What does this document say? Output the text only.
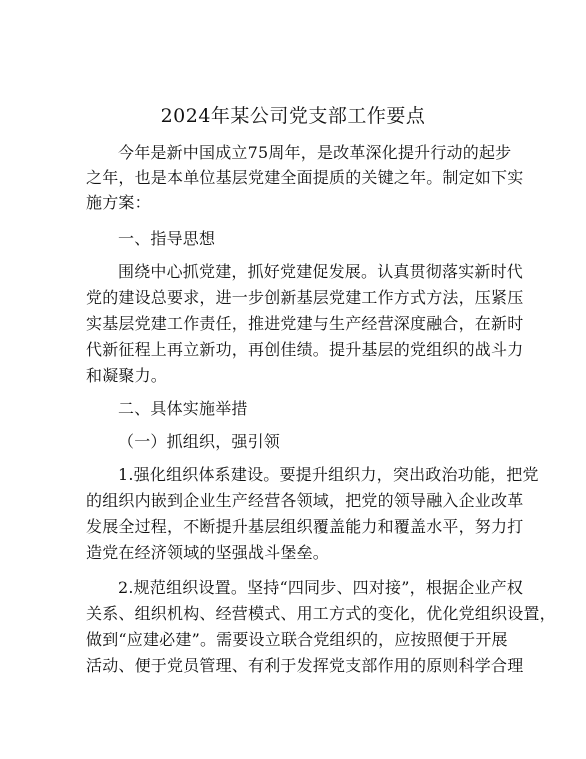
2024年某公司党支部工作要点
今年是新中国成立75周年，是改革深化提升行动的起步
之年，也是本单位基层党建全面提质的关键之年。制定如下实
施方案：
一、指导思想
围绕中心抓党建，抓好党建促发展。认真贯彻落实新时代
党的建设总要求，进一步创新基层党建工作方式方法，压紧压
实基层党建工作责任，推进党建与生产经营深度融合，在新时
代新征程上再立新功，再创佳绩。提升基层的党组织的战斗力
和凝聚力。
二、具体实施举措
（一）抓组织，强引领
1.强化组织体系建设。要提升组织力，突出政治功能，把党
的组织内嵌到企业生产经营各领域，把党的领导融入企业改革
发展全过程，不断提升基层组织覆盖能力和覆盖水平，努力打
造党在经济领域的坚强战斗堡垒。
2.规范组织设置。坚持“四同步、四对接”，根据企业产权
关系、组织机构、经营模式、用工方式的变化，优化党组织设置，
做到“应建必建”。需要设立联合党组织的，应按照便于开展
活动、便于党员管理、有利于发挥党支部作用的原则科学合理
